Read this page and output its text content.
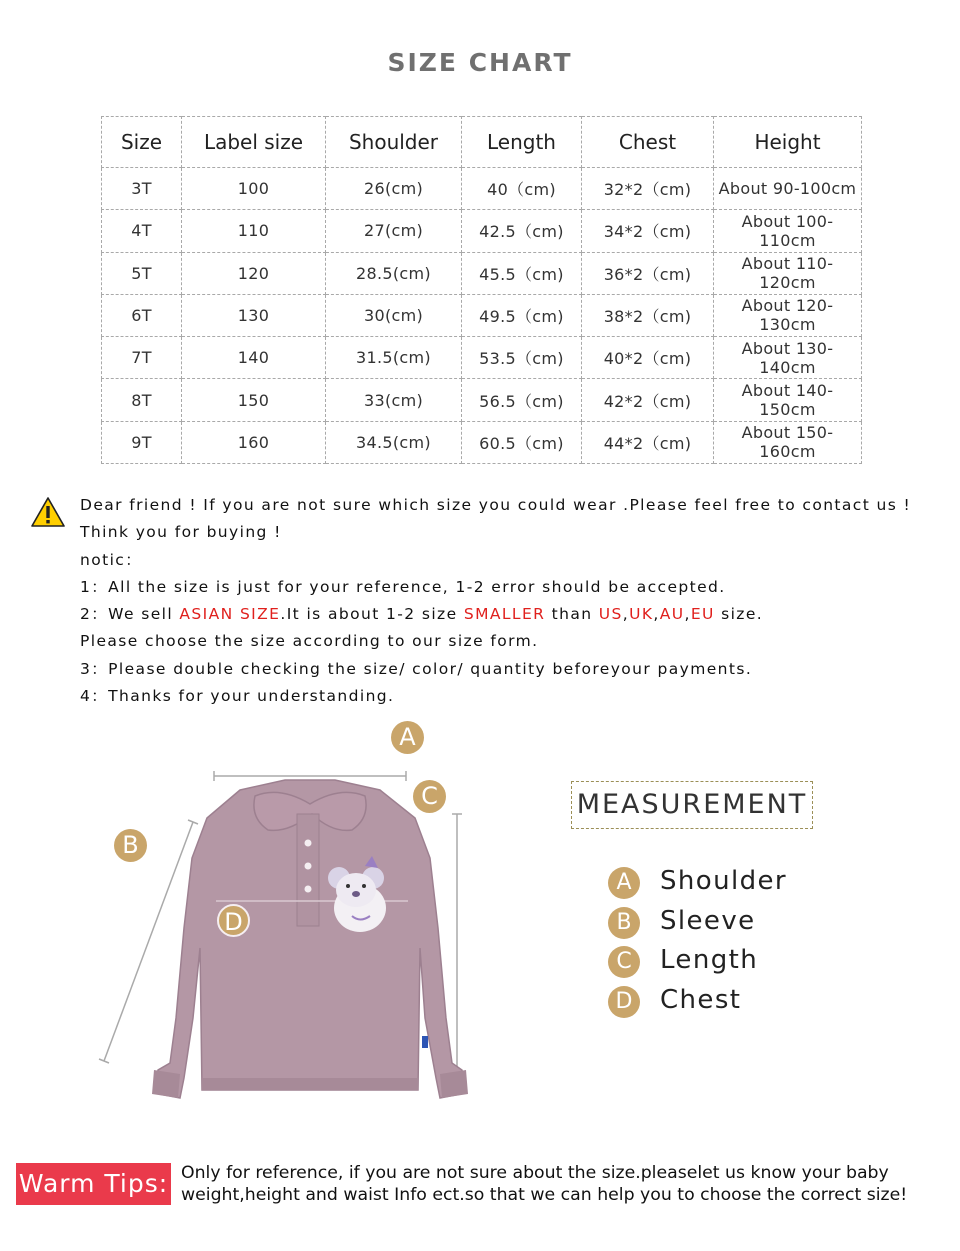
SIZE CHART
Size	Label size	Shoulder	Length	Chest	Height
3T	100	26(cm)	40（cm)	32*2（cm)	About 90-100cm
4T	110	27(cm)	42.5（cm)	34*2（cm)	About 100-110cm
5T	120	28.5(cm)	45.5（cm)	36*2（cm)	About 110-120cm
6T	130	30(cm)	49.5（cm)	38*2（cm)	About 120-130cm
7T	140	31.5(cm)	53.5（cm)	40*2（cm)	About 130-140cm
8T	150	33(cm)	56.5（cm)	42*2（cm)	About 140-150cm
9T	160	34.5(cm)	60.5（cm)	44*2（cm)	About 150-160cm

Dear friend ! If you are not sure which size you could wear .Please feel free to contact us !

Think you for buying !

notic：

1：All the size is just for your reference, 1-2 error should be accepted.

2：We sell ASIAN SIZE.It is about 1-2 size SMALLER than US,UK,AU,EU size.

Please choose the size according to our size form.

3：Please double checking the size/ color/ quantity beforeyour payments.

4：Thanks for your understanding.

A
C
B
D
MEASUREMENT
A	Shoulder
B	Sleeve
C	Length
D Chest
Warm Tips: Only for reference, if you are not sure about the size.pleaselet us know your baby
weight,height and waist Info ect.so that we can help you to choose the correct size!
